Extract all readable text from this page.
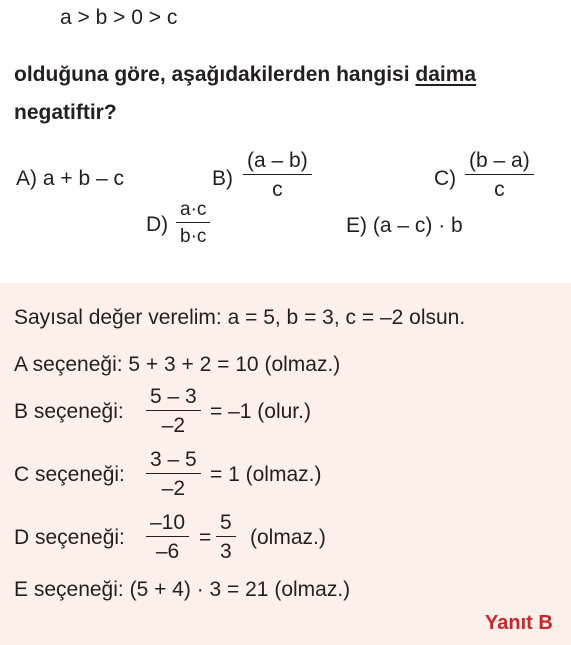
a > b > 0 > c
olduğuna göre, aşağıdakilerden hangisi daima
negatiftir?
A) a + b – c	B)
(a – b)
c	C)
(b – a)
c
D)
a·c
b·c	E) (a – c) · b
Sayısal değer verelim: a = 5, b = 3, c = –2 olsun.
A seçeneği: 5 + 3 + 2 = 10 (olmaz.)
B seçeneği:
5 – 3
–2
= –1 (olur.)
C seçeneği:
3 – 5
–2
= 1 (olmaz.)
D seçeneği:
–10
–6
=
5
3
(olmaz.)
E seçeneği: (5 + 4) · 3 = 21 (olmaz.)
Yanıt B
